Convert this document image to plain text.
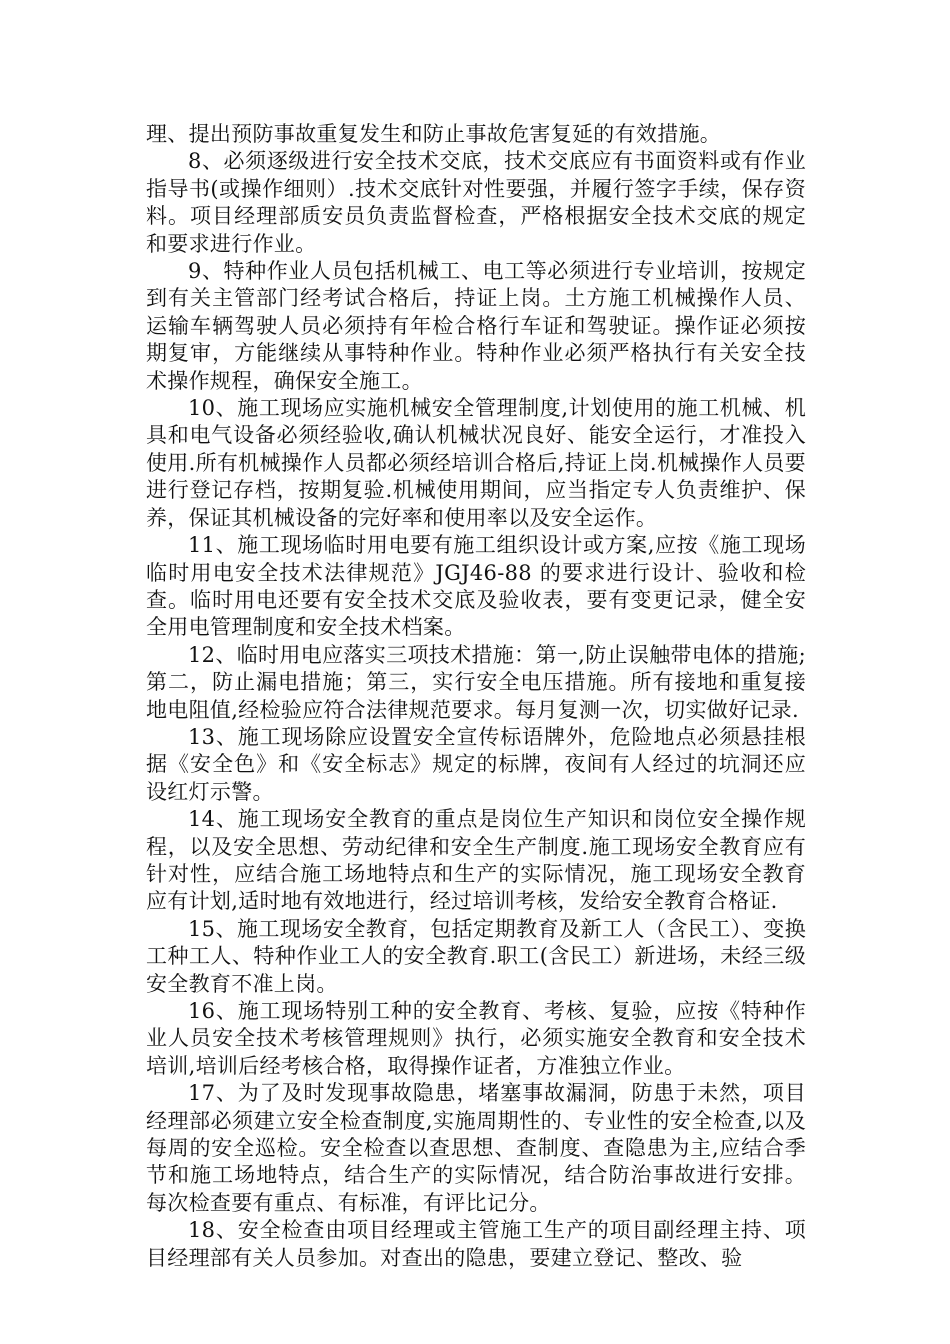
理、提出预防事故重复发生和防止事故危害复延的有效措施。

8、必须逐级进行安全技术交底，技术交底应有书面资料或有作业指导书(或操作细则）.技术交底针对性要强，并履行签字手续，保存资料。项目经理部质安员负责监督检查，严格根据安全技术交底的规定和要求进行作业。

9、特种作业人员包括机械工、电工等必须进行专业培训，按规定到有关主管部门经考试合格后，持证上岗。土方施工机械操作人员、运输车辆驾驶人员必须持有年检合格行车证和驾驶证。操作证必须按期复审，方能继续从事特种作业。特种作业必须严格执行有关安全技术操作规程，确保安全施工。

10、施工现场应实施机械安全管理制度,计划使用的施工机械、机具和电气设备必须经验收,确认机械状况良好、能安全运行，才准投入使用.所有机械操作人员都必须经培训合格后,持证上岗.机械操作人员要进行登记存档，按期复验.机械使用期间，应当指定专人负责维护、保养，保证其机械设备的完好率和使用率以及安全运作。

11、施工现场临时用电要有施工组织设计或方案,应按《施工现场临时用电安全技术法律规范》JGJ46-88 的要求进行设计、验收和检查。临时用电还要有安全技术交底及验收表，要有变更记录，健全安全用电管理制度和安全技术档案。

12、临时用电应落实三项技术措施：第一,防止误触带电体的措施;第二，防止漏电措施；第三，实行安全电压措施。所有接地和重复接地电阻值,经检验应符合法律规范要求。每月复测一次，切实做好记录.

13、施工现场除应设置安全宣传标语牌外，危险地点必须悬挂根据《安全色》和《安全标志》规定的标牌，夜间有人经过的坑洞还应设红灯示警。

14、施工现场安全教育的重点是岗位生产知识和岗位安全操作规程，以及安全思想、劳动纪律和安全生产制度.施工现场安全教育应有针对性，应结合施工场地特点和生产的实际情况，施工现场安全教育应有计划,适时地有效地进行，经过培训考核，发给安全教育合格证.

15、施工现场安全教育，包括定期教育及新工人（含民工）、变换工种工人、特种作业工人的安全教育.职工(含民工）新进场，未经三级安全教育不准上岗。

16、施工现场特别工种的安全教育、考核、复验，应按《特种作业人员安全技术考核管理规则》执行，必须实施安全教育和安全技术培训,培训后经考核合格，取得操作证者，方准独立作业。

17、为了及时发现事故隐患，堵塞事故漏洞，防患于未然，项目经理部必须建立安全检查制度,实施周期性的、专业性的安全检查,以及每周的安全巡检。安全检查以查思想、查制度、查隐患为主,应结合季节和施工场地特点，结合生产的实际情况，结合防治事故进行安排。每次检查要有重点、有标准，有评比记分。

18、安全检查由项目经理或主管施工生产的项目副经理主持、项目经理部有关人员参加。对查出的隐患，要建立登记、整改、验
